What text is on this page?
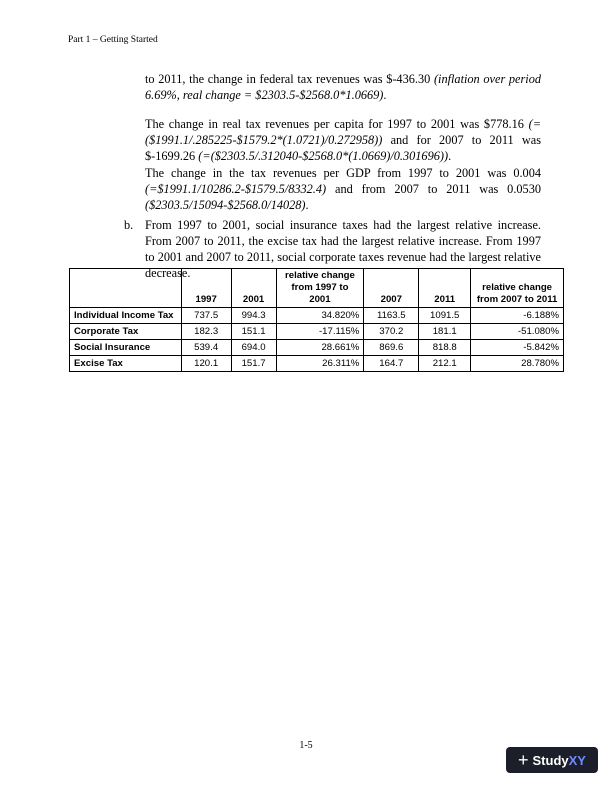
Part 1 – Getting Started
to 2011, the change in federal tax revenues was $-436.30 (inflation over period 6.69%, real change = $2303.5-$2568.0*1.0669).
The change in real tax revenues per capita for 1997 to 2001 was $778.16 (=($1991.1/.285225-$1579.2*(1.0721)/0.272958)) and for 2007 to 2011 was $-1699.26 (=($2303.5/.312040-$2568.0*(1.0669)/0.301696)).
The change in the tax revenues per GDP from 1997 to 2001 was 0.004 (=$1991.1/10286.2-$1579.5/8332.4) and from 2007 to 2011 was 0.0530 ($2303.5/15094-$2568.0/14028).
b. From 1997 to 2001, social insurance taxes had the largest relative increase. From 2007 to 2011, the excise tax had the largest relative increase. From 1997 to 2001 and 2007 to 2011, social corporate taxes revenue had the largest relative decrease.
	1997	2001	relative change from 1997 to 2001	2007	2011	relative change from 2007 to 2011
Individual Income Tax	737.5	994.3	34.820%	1163.5	1091.5	-6.188%
Corporate Tax	182.3	151.1	-17.115%	370.2	181.1	-51.080%
Social Insurance	539.4	694.0	28.661%	869.6	818.8	-5.842%
Excise Tax	120.1	151.7	26.311%	164.7	212.1	28.780%
1-5
+ StudyXY
